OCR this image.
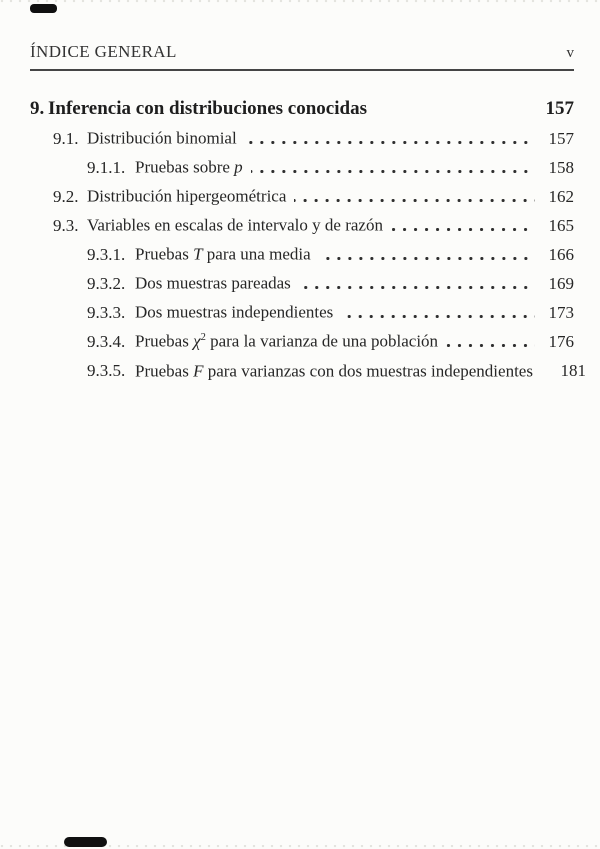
ÍNDICE GENERAL	v
9. Inferencia con distribuciones conocidas	157
9.1. Distribución binomial	157
9.1.1. Pruebas sobre p	158
9.2. Distribución hipergeométrica	162
9.3. Variables en escalas de intervalo y de razón	165
9.3.1. Pruebas T para una media	166
9.3.2. Dos muestras pareadas	169
9.3.3. Dos muestras independientes	173
9.3.4. Pruebas $\chi^2$ para la varianza de una población	176
9.3.5. Pruebas F para varianzas con dos muestras independientes	181
